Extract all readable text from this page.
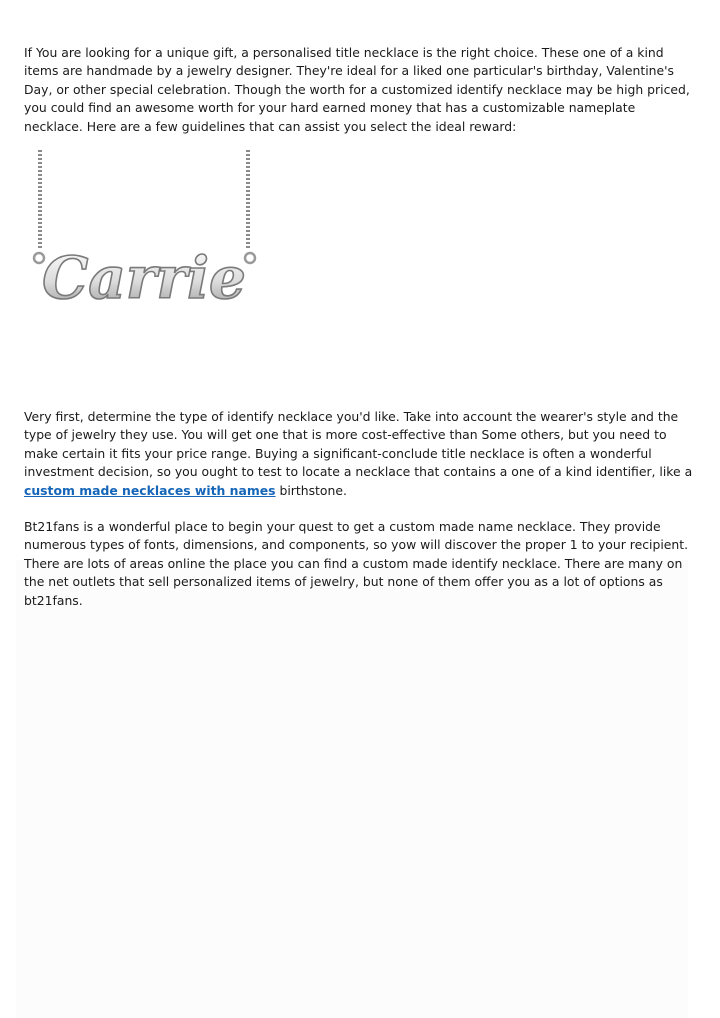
If You are looking for a unique gift, a personalised title necklace is the right choice. These one of a kind items are handmade by a jewelry designer. They're ideal for a liked one particular's birthday, Valentine's Day, or other special celebration. Though the worth for a customized identify necklace may be high priced, you could find an awesome worth for your hard earned money that has a customizable nameplate necklace. Here are a few guidelines that can assist you select the ideal reward:

Carrie

Very first, determine the type of identify necklace you'd like. Take into account the wearer's style and the type of jewelry they use. You will get one that is more cost-effective than Some others, but you need to make certain it fits your price range. Buying a significant-conclude title necklace is often a wonderful investment decision, so you ought to test to locate a necklace that contains a one of a kind identifier, like a custom made necklaces with names birthstone.

Bt21fans is a wonderful place to begin your quest to get a custom made name necklace. They provide numerous types of fonts, dimensions, and components, so yow will discover the proper 1 to your recipient. There are lots of areas online the place you can find a custom made identify necklace. There are many on the net outlets that sell personalized items of jewelry, but none of them offer you as a lot of options as bt21fans.
